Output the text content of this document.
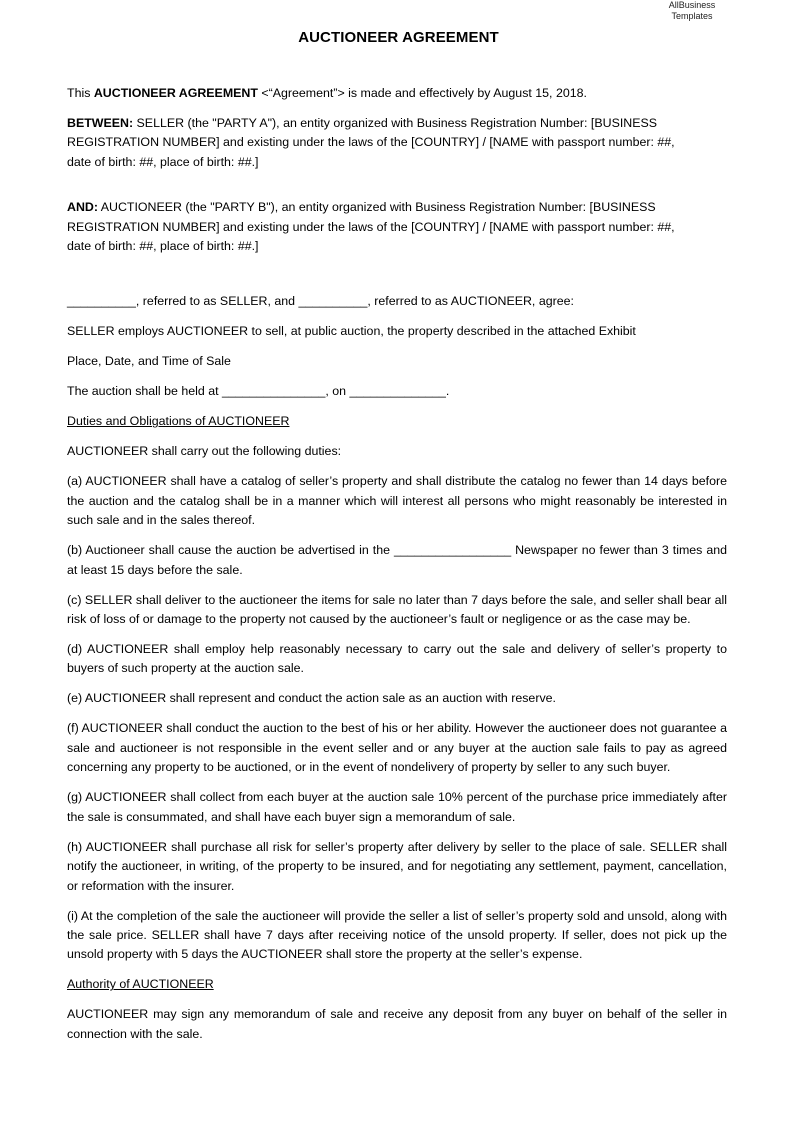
AllBusiness
Templates
AUCTIONEER AGREEMENT

This AUCTIONEER AGREEMENT <“Agreement”> is made and effectively by August 15, 2018.

BETWEEN: SELLER (the "PARTY A"), an entity organized with Business Registration Number: [BUSINESS
REGISTRATION NUMBER] and existing under the laws of the [COUNTRY] / [NAME with passport number: ##,
date of birth: ##, place of birth: ##.]

AND: AUCTIONEER (the "PARTY B"), an entity organized with Business Registration Number: [BUSINESS
REGISTRATION NUMBER] and existing under the laws of the [COUNTRY] / [NAME with passport number: ##,
date of birth: ##, place of birth: ##.]

__________, referred to as SELLER, and __________, referred to as AUCTIONEER, agree:

SELLER employs AUCTIONEER to sell, at public auction, the property described in the attached Exhibit

Place, Date, and Time of Sale

The auction shall be held at _______________, on ______________.

Duties and Obligations of AUCTIONEER

AUCTIONEER shall carry out the following duties:

(a) AUCTIONEER shall have a catalog of seller’s property and shall distribute the catalog no fewer than 14 days before the auction and the catalog shall be in a manner which will interest all persons who might reasonably be interested in such sale and in the sales thereof.

(b) Auctioneer shall cause the auction be advertised in the _________________ Newspaper no fewer than 3 times and at least 15 days before the sale.

(c) SELLER shall deliver to the auctioneer the items for sale no later than 7 days before the sale, and seller shall bear all risk of loss of or damage to the property not caused by the auctioneer’s fault or negligence or as the case may be.

(d) AUCTIONEER shall employ help reasonably necessary to carry out the sale and delivery of seller’s property to buyers of such property at the auction sale.

(e) AUCTIONEER shall represent and conduct the action sale as an auction with reserve.

(f) AUCTIONEER shall conduct the auction to the best of his or her ability. However the auctioneer does not guarantee a sale and auctioneer is not responsible in the event seller and or any buyer at the auction sale fails to pay as agreed concerning any property to be auctioned, or in the event of nondelivery of property by seller to any such buyer.

(g) AUCTIONEER shall collect from each buyer at the auction sale 10% percent of the purchase price immediately after the sale is consummated, and shall have each buyer sign a memorandum of sale.

(h) AUCTIONEER shall purchase all risk for seller’s property after delivery by seller to the place of sale. SELLER shall notify the auctioneer, in writing, of the property to be insured, and for negotiating any settlement, payment, cancellation, or reformation with the insurer.

(i) At the completion of the sale the auctioneer will provide the seller a list of seller’s property sold and unsold, along with the sale price. SELLER shall have 7 days after receiving notice of the unsold property. If seller, does not pick up the unsold property with 5 days the AUCTIONEER shall store the property at the seller’s expense.

Authority of AUCTIONEER

AUCTIONEER may sign any memorandum of sale and receive any deposit from any buyer on behalf of the seller in connection with the sale.
